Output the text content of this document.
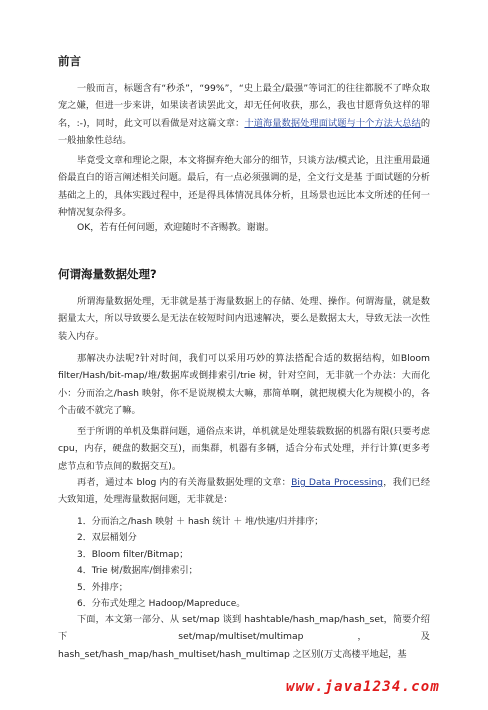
前言

一般而言，标题含有“秒杀”，“99%”，“史上最全/最强”等词汇的往往都脱不了哗众取宠之嫌，但进一步来讲，如果读者读罢此文，却无任何收获，那么，我也甘愿背负这样的罪名，:-)，同时，此文可以看做是对这篇文章：十道海量数据处理面试题与十个方法大总结的一般抽象性总结。

毕竟受文章和理论之限，本文将摒弃绝大部分的细节，只谈方法/模式论，且注重用最通俗最直白的语言阐述相关问题。最后，有一点必须强调的是，全文行文是基 于面试题的分析基础之上的，具体实践过程中，还是得具体情况具体分析，且场景也远比本文所述的任何一种情况复杂得多。

OK，若有任何问题，欢迎随时不吝赐教。谢谢。

何谓海量数据处理?

所谓海量数据处理，无非就是基于海量数据上的存储、处理、操作。何谓海量，就是数据量太大，所以导致要么是无法在较短时间内迅速解决，要么是数据太大，导致无法一次性装入内存。

那解决办法呢?针对时间，我们可以采用巧妙的算法搭配合适的数据结构，如Bloom filter/Hash/bit-map/堆/数据库或倒排索引/trie 树，针对空间，无非就一个办法：大而化小：分而治之/hash 映射，你不是说规模太大嘛，那简单啊，就把规模大化为规模小的，各个击破不就完了嘛。

至于所谓的单机及集群问题，通俗点来讲，单机就是处理装载数据的机器有限(只要考虑 cpu，内存，硬盘的数据交互)，而集群，机器有多辆，适合分布式处理，并行计算(更多考虑节点和节点间的数据交互)。

再者，通过本 blog 内的有关海量数据处理的文章：Big Data Processing，我们已经大致知道，处理海量数据问题，无非就是：

1．分而治之/hash 映射 ＋ hash 统计 ＋ 堆/快速/归并排序；
2．双层桶划分
3．Bloom filter/Bitmap；
4．Trie 树/数据库/倒排索引；
5．外排序；
6．分布式处理之 Hadoop/Mapreduce。

下面，本文第一部分、从 set/map 谈到 hashtable/hash_map/hash_set，简要介绍下 set/map/multiset/multimap，及 hash_set/hash_map/hash_multiset/hash_multimap 之区别(万丈高楼平地起，基

www.java1234.com
